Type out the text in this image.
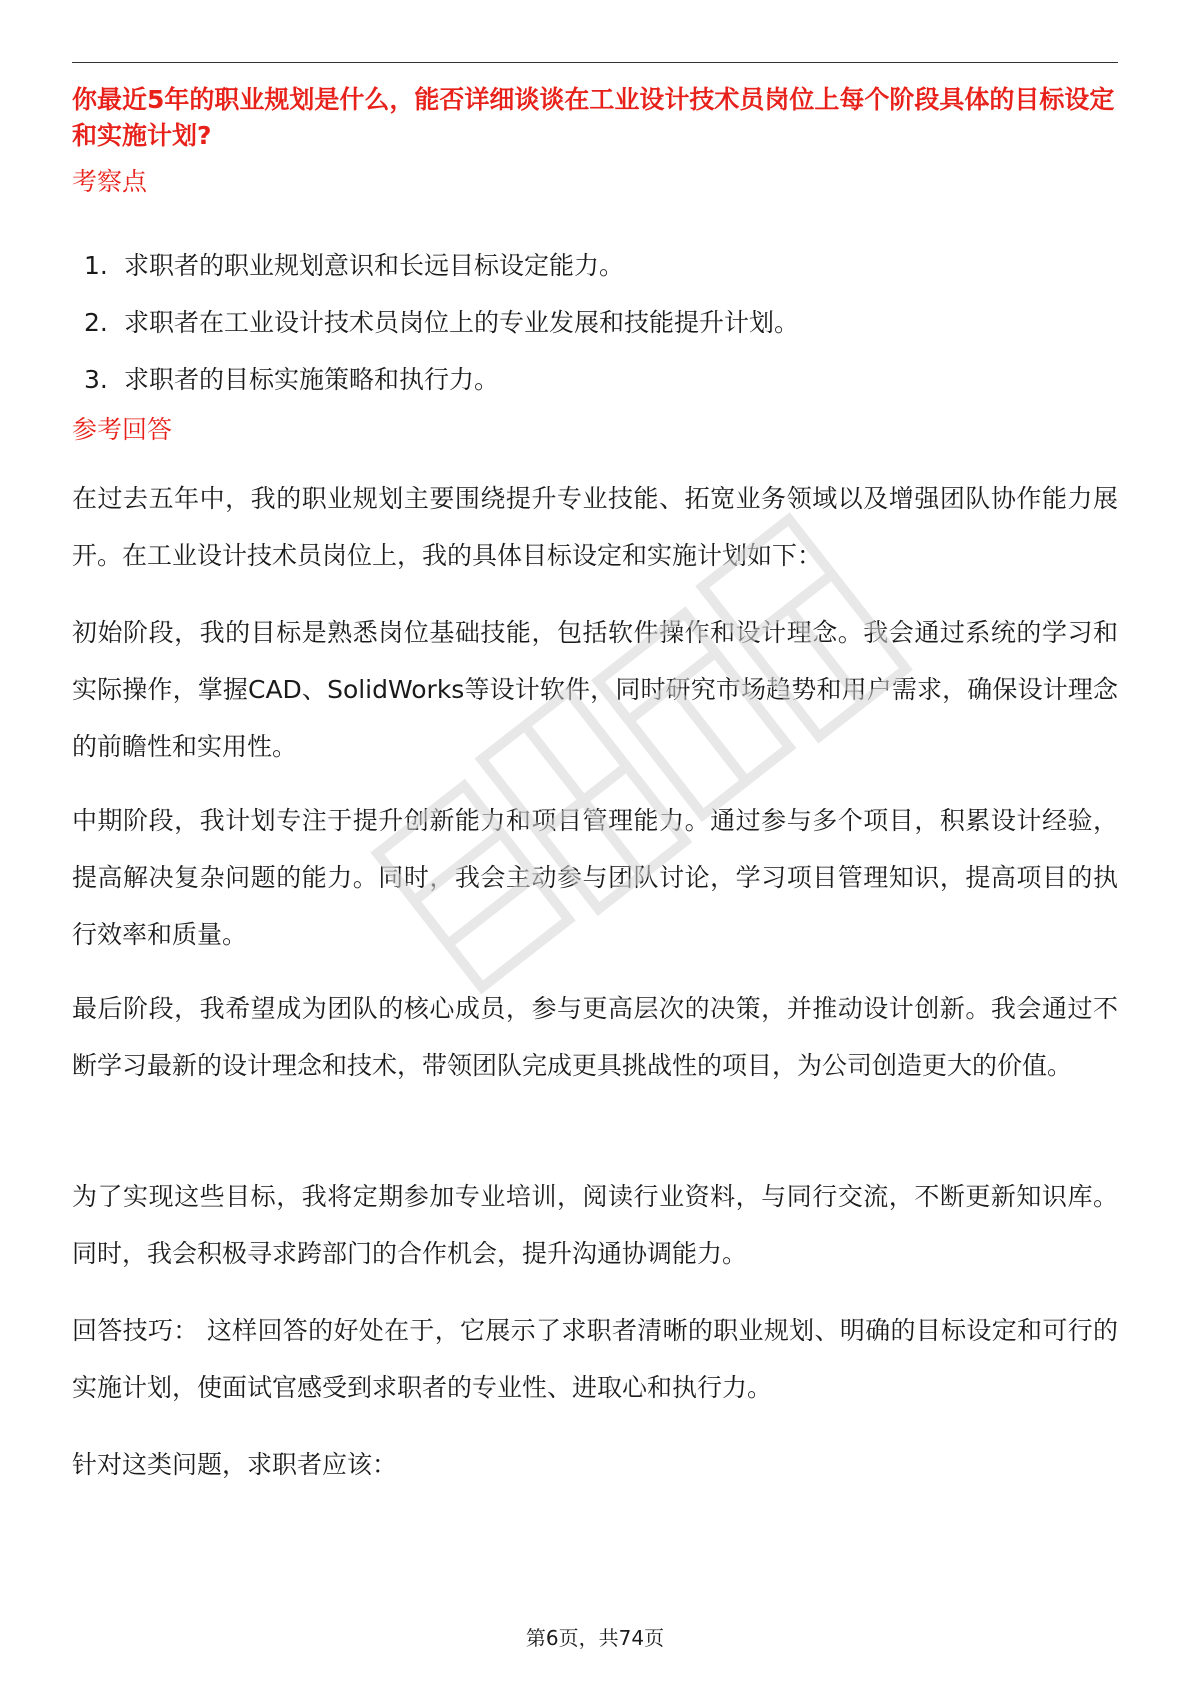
你最近5年的职业规划是什么，能否详细谈谈在工业设计技术员岗位上每个阶段具体的目标设定和实施计划?

考察点
1. 求职者的职业规划意识和长远目标设定能力。
2. 求职者在工业设计技术员岗位上的专业发展和技能提升计划。
3. 求职者的目标实施策略和执行力。
参考回答

在过去五年中，我的职业规划主要围绕提升专业技能、拓宽业务领域以及增强团队协作能力展开。在工业设计技术员岗位上，我的具体目标设定和实施计划如下：

初始阶段，我的目标是熟悉岗位基础技能，包括软件操作和设计理念。我会通过系统的学习和实际操作，掌握CAD、SolidWorks等设计软件，同时研究市场趋势和用户需求，确保设计理念的前瞻性和实用性。

中期阶段，我计划专注于提升创新能力和项目管理能力。通过参与多个项目，积累设计经验，提高解决复杂问题的能力。同时，我会主动参与团队讨论，学习项目管理知识，提高项目的执行效率和质量。

最后阶段，我希望成为团队的核心成员，参与更高层次的决策，并推动设计创新。我会通过不断学习最新的设计理念和技术，带领团队完成更具挑战性的项目，为公司创造更大的价值。

为了实现这些目标，我将定期参加专业培训，阅读行业资料，与同行交流，不断更新知识库。同时，我会积极寻求跨部门的合作机会，提升沟通协调能力。

回答技巧： 这样回答的好处在于，它展示了求职者清晰的职业规划、明确的目标设定和可行的实施计划，使面试官感受到求职者的专业性、进取心和执行力。

针对这类问题，求职者应该：

第6页，共74页
